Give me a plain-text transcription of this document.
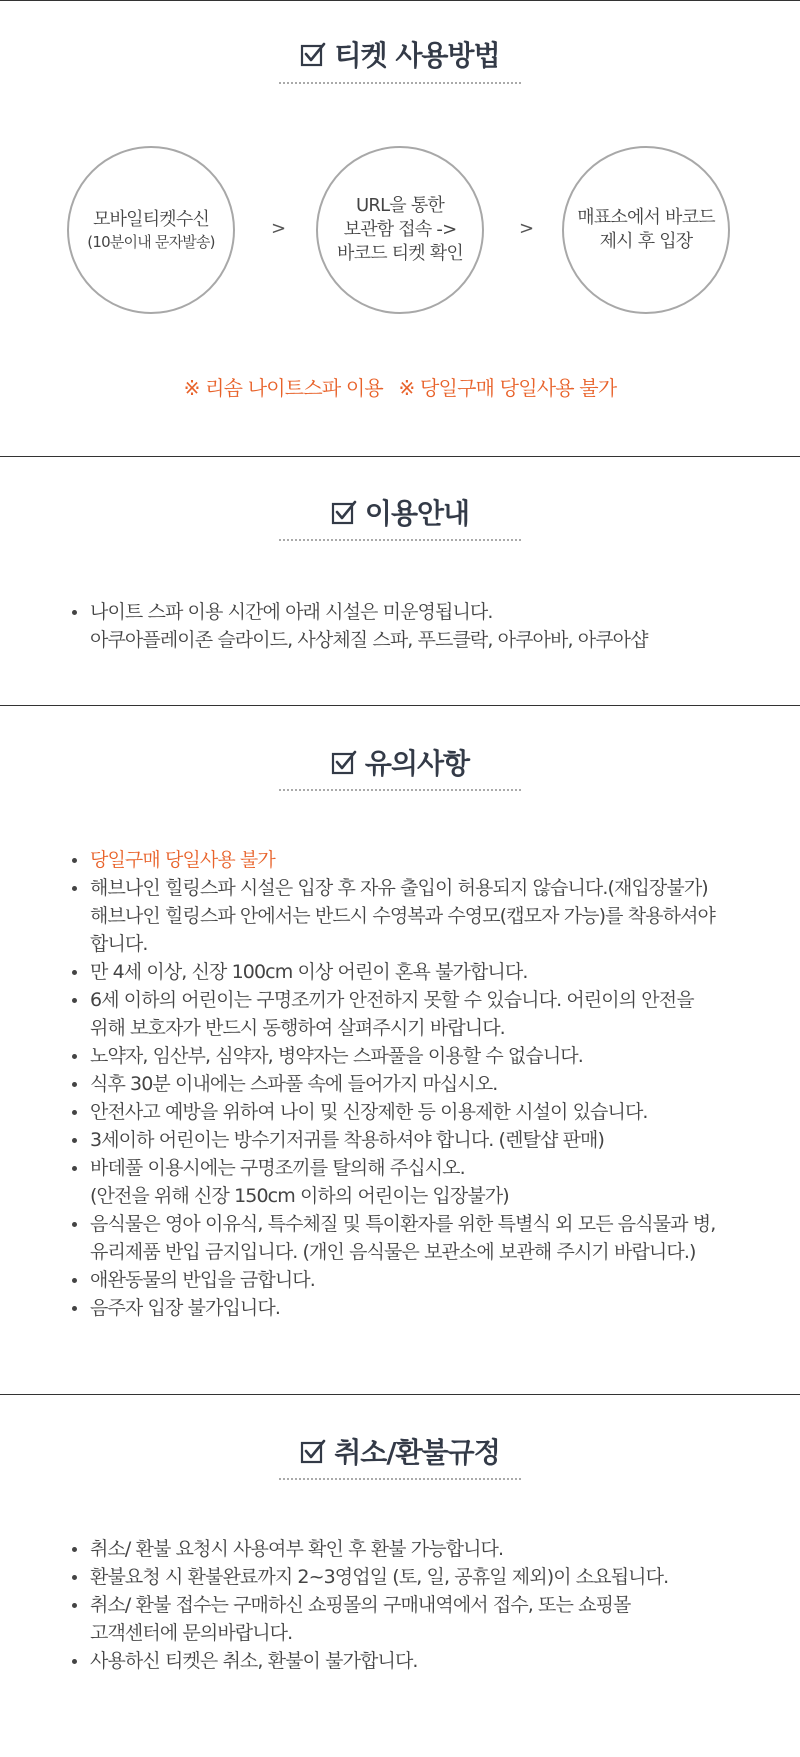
티켓 사용방법
모바일티켓수신
(10분이내 문자발송)
>
URL을 통한
보관함 접속 ->
바코드 티켓 확인
>
매표소에서 바코드
제시 후 입장
※ 리솜 나이트스파 이용 ※ 당일구매 당일사용 불가
이용안내
나이트 스파 이용 시간에 아래 시설은 미운영됩니다.
아쿠아플레이존 슬라이드, 사상체질 스파, 푸드클락, 아쿠아바, 아쿠아샵
유의사항
당일구매 당일사용 불가
해브나인 힐링스파 시설은 입장 후 자유 출입이 허용되지 않습니다.(재입장불가)
해브나인 힐링스파 안에서는 반드시 수영복과 수영모(캡모자 가능)를 착용하셔야
합니다.
만 4세 이상, 신장 100cm 이상 어린이 혼욕 불가합니다.
6세 이하의 어린이는 구명조끼가 안전하지 못할 수 있습니다. 어린이의 안전을
위해 보호자가 반드시 동행하여 살펴주시기 바랍니다.
노약자, 임산부, 심약자, 병약자는 스파풀을 이용할 수 없습니다.
식후 30분 이내에는 스파풀 속에 들어가지 마십시오.
안전사고 예방을 위하여 나이 및 신장제한 등 이용제한 시설이 있습니다.
3세이하 어린이는 방수기저귀를 착용하셔야 합니다. (렌탈샵 판매)
바데풀 이용시에는 구명조끼를 탈의해 주십시오.
(안전을 위해 신장 150cm 이하의 어린이는 입장불가)
음식물은 영아 이유식, 특수체질 및 특이환자를 위한 특별식 외 모든 음식물과 병,
유리제품 반입 금지입니다. (개인 음식물은 보관소에 보관해 주시기 바랍니다.)
애완동물의 반입을 금합니다.
음주자 입장 불가입니다.
취소/환불규정
취소/ 환불 요청시 사용여부 확인 후 환불 가능합니다.
환불요청 시 환불완료까지 2~3영업일 (토, 일, 공휴일 제외)이 소요됩니다.
취소/ 환불 접수는 구매하신 쇼핑몰의 구매내역에서 접수, 또는 쇼핑몰
고객센터에 문의바랍니다.
사용하신 티켓은 취소, 환불이 불가합니다.
